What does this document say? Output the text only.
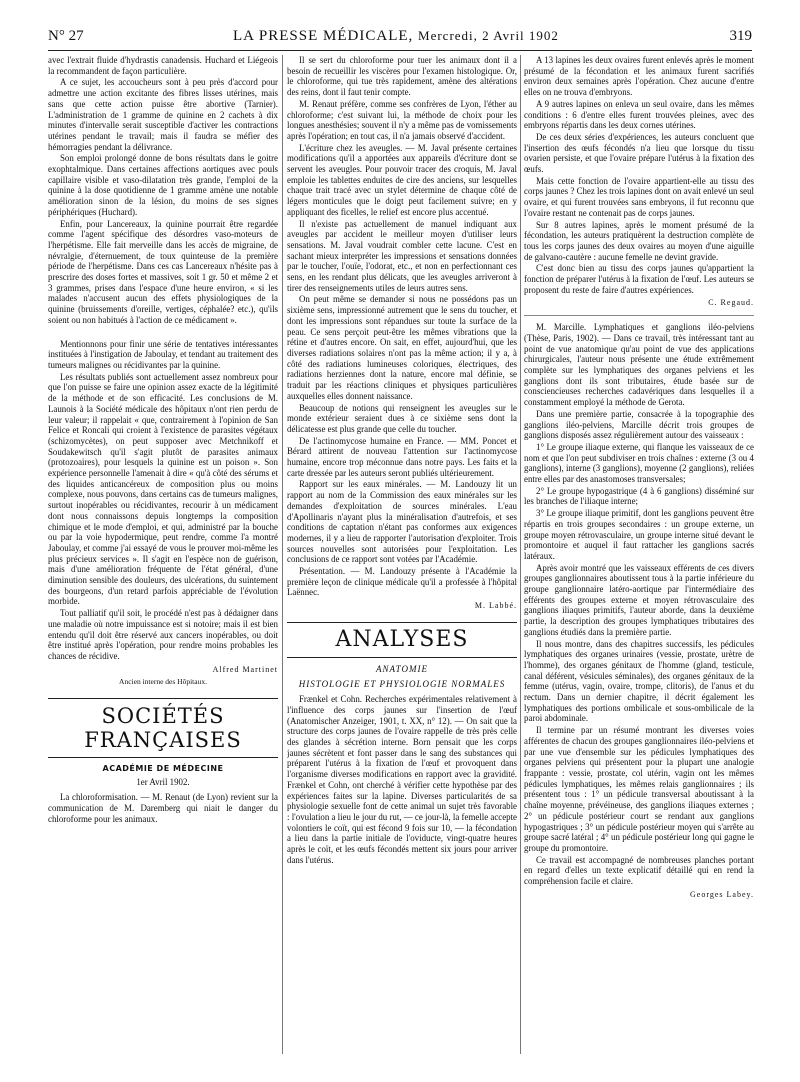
N° 27	LA PRESSE MÉDICALE, Mercredi, 2 Avril 1902	319

avec l'extrait fluide d'hydrastis canadensis. Huchard et Liégeois la recommandent de façon particulière.

A ce sujet, les accoucheurs sont à peu près d'accord pour admettre une action excitante des fibres lisses utérines, mais sans que cette action puisse être abortive (Tarnier). L'administration de 1 gramme de quinine en 2 cachets à dix minutes d'intervalle serait susceptible d'activer les contractions utérines pendant le travail; mais il faudra se méfier des hémorragies pendant la délivrance.

Son emploi prolongé donne de bons résultats dans le goitre exophtalmique. Dans certaines affections aortiques avec pouls capillaire visible et vaso-dilatation très grande, l'emploi de la quinine à la dose quotidienne de 1 gramme amène une notable amélioration sinon de la lésion, du moins de ses signes périphériques (Huchard).

Enfin, pour Lancereaux, la quinine pourrait être regardée comme l'agent spécifique des désordres vaso-moteurs de l'herpétisme. Elle fait merveille dans les accès de migraine, de névralgie, d'éternuement, de toux quinteuse de la première période de l'herpétisme. Dans ces cas Lancereaux n'hésite pas à prescrire des doses fortes et massives, soit 1 gr. 50 et même 2 et 3 grammes, prises dans l'espace d'une heure environ, « si les malades n'accusent aucun des effets physiologiques de la quinine (bruissements d'oreille, vertiges, céphalée? etc.), qu'ils soient ou non habitués à l'action de ce médicament ».

Mentionnons pour finir une série de tentatives intéressantes instituées à l'instigation de Jaboulay, et tendant au traitement des tumeurs malignes ou récidivantes par la quinine.

Les résultats publiés sont actuellement assez nombreux pour que l'on puisse se faire une opinion assez exacte de la légitimité de la méthode et de son efficacité. Les conclusions de M. Launois à la Société médicale des hôpitaux n'ont rien perdu de leur valeur; il rappelait « que, contrairement à l'opinion de San Felice et Roncali qui croient à l'existence de parasites végétaux (schizomycètes), on peut supposer avec Metchnikoff et Soudakewitsch qu'il s'agit plutôt de parasites animaux (protozoaires), pour lesquels la quinine est un poison ». Son expérience personnelle l'amenait à dire « qu'à côté des sérums et des liquides anticancéreux de composition plus ou moins complexe, nous pouvons, dans certains cas de tumeurs malignes, surtout inopérables ou récidivantes, recourir à un médicament dont nous connaissons depuis longtemps la composition chimique et le mode d'emploi, et qui, administré par la bouche ou par la voie hypodermique, peut rendre, comme l'a montré Jaboulay, et comme j'ai essayé de vous le prouver moi-même les plus précieux services ». Il s'agit en l'espèce non de guérison, mais d'une amélioration fréquente de l'état général, d'une diminution sensible des douleurs, des ulcérations, du suintement des bourgeons, d'un retard parfois appréciable de l'évolution morbide.

Tout palliatif qu'il soit, le procédé n'est pas à dédaigner dans une maladie où notre impuissance est si notoire; mais il est bien entendu qu'il doit être réservé aux cancers inopérables, ou doit être institué après l'opération, pour rendre moins probables les chances de récidive.

Alfred Martinet
Ancien interne des Hôpitaux.
SOCIÉTÉS FRANÇAISES
ACADÉMIE DE MÉDECINE
1er Avril 1902.

La chloroformisation. — M. Renaut (de Lyon) revient sur la communication de M. Daremberg qui niait le danger du chloroforme pour les animaux.

Il se sert du chloroforme pour tuer les animaux dont il a besoin de recueillir les viscères pour l'examen histologique. Or, le chloroforme, qui tue très rapidement, amène des altérations des reins, dont il faut tenir compte.

M. Renaut préfère, comme ses confrères de Lyon, l'éther au chloroforme; c'est suivant lui, la méthode de choix pour les longues anesthésies; souvent il n'y a même pas de vomissements après l'opération; en tout cas, il n'a jamais observé d'accident.

L'écriture chez les aveugles. — M. Javal présente certaines modifications qu'il a apportées aux appareils d'écriture dont se servent les aveugles. Pour pouvoir tracer des croquis, M. Javal emploie les tablettes enduites de cire des anciens, sur lesquelles chaque trait tracé avec un stylet détermine de chaque côté de légers monticules que le doigt peut facilement suivre; en y appliquant des ficelles, le relief est encore plus accentué.

Il n'existe pas actuellement de manuel indiquant aux aveugles par accident le meilleur moyen d'utiliser leurs sensations. M. Javal voudrait combler cette lacune. C'est en sachant mieux interpréter les impressions et sensations données par le toucher, l'ouïe, l'odorat, etc., et non en perfectionnant ces sens, en les rendant plus délicats, que les aveugles arriveront à tirer des renseignements utiles de leurs autres sens.

On peut même se demander si nous ne possédons pas un sixième sens, impressionné autrement que le sens du toucher, et dont les impressions sont répandues sur toute la surface de la peau. Ce sens perçoit peut-être les mêmes vibrations que la rétine et d'autres encore. On sait, en effet, aujourd'hui, que les diverses radiations solaires n'ont pas la même action; il y a, à côté des radiations lumineuses coloriques, électriques, des radiations herziennes dont la nature, encore mal définie, se traduit par les réactions cliniques et physiques particulières auxquelles elles donnent naissance.

Beaucoup de notions qui renseignent les aveugles sur le monde extérieur seraient dues à ce sixième sens dont la délicatesse est plus grande que celle du toucher.

De l'actinomycose humaine en France. — MM. Poncet et Bérard attirent de nouveau l'attention sur l'actinomycose humaine, encore trop méconnue dans notre pays. Les faits et la carte dressée par les auteurs seront publiés ultérieurement.

Rapport sur les eaux minérales. — M. Landouzy lit un rapport au nom de la Commission des eaux minérales sur les demandes d'exploitation de sources minérales. L'eau d'Apollinaris n'ayant plus la minéralisation d'autrefois, et ses conditions de captation n'étant pas conformes aux exigences modernes, il y a lieu de rapporter l'autorisation d'exploiter. Trois sources nouvelles sont autorisées pour l'exploitation. Les conclusions de ce rapport sont votées par l'Académie.

Présentation. — M. Landouzy présente à l'Académie la première leçon de clinique médicale qu'il a professée à l'hôpital Laënnec.

M. Labbé.
ANALYSES
ANATOMIE
HISTOLOGIE ET PHYSIOLOGIE NORMALES

Frænkel et Cohn. Recherches expérimentales relativement à l'influence des corps jaunes sur l'insertion de l'œuf (Anatomischer Anzeiger, 1901, t. XX, n° 12). — On sait que la structure des corps jaunes de l'ovaire rappelle de très près celle des glandes à sécrétion interne. Born pensait que les corps jaunes sécrètent et font passer dans le sang des substances qui préparent l'utérus à la fixation de l'œuf et provoquent dans l'organisme diverses modifications en rapport avec la gravidité. Frænkel et Cohn, ont cherché à vérifier cette hypothèse par des expériences faites sur la lapine. Diverses particularités de sa physiologie sexuelle font de cette animal un sujet très favorable : l'ovulation a lieu le jour du rut, — ce jour-là, la femelle accepte volontiers le coït, qui est fécond 9 fois sur 10, — la fécondation a lieu dans la partie initiale de l'oviducte, vingt-quatre heures après le coït, et les œufs fécondés mettent six jours pour arriver dans l'utérus.

A 13 lapines les deux ovaires furent enlevés après le moment présumé de la fécondation et les animaux furent sacrifiés environ deux semaines après l'opération. Chez aucune d'entre elles on ne trouva d'embryons.

A 9 autres lapines on enleva un seul ovaire, dans les mêmes conditions : 6 d'entre elles furent trouvées pleines, avec des embryons répartis dans les deux cornes utérines.

De ces deux séries d'expériences, les auteurs concluent que l'insertion des œufs fécondés n'a lieu que lorsque du tissu ovarien persiste, et que l'ovaire prépare l'utérus à la fixation des œufs.

Mais cette fonction de l'ovaire appartient-elle au tissu des corps jaunes ? Chez les trois lapines dont on avait enlevé un seul ovaire, et qui furent trouvées sans embryons, il fut reconnu que l'ovaire restant ne contenait pas de corps jaunes.

Sur 8 autres lapines, après le moment présumé de la fécondation, les auteurs pratiquèrent la destruction complète de tous les corps jaunes des deux ovaires au moyen d'une aiguille de galvano-cautère : aucune femelle ne devint gravide.

C'est donc bien au tissu des corps jaunes qu'appartient la fonction de préparer l'utérus à la fixation de l'œuf. Les auteurs se proposent du reste de faire d'autres expériences.

C. Regaud.

M. Marcille. Lymphatiques et ganglions iléo-pelviens (Thèse, Paris, 1902). — Dans ce travail, très intéressant tant au point de vue anatomique qu'au point de vue des applications chirurgicales, l'auteur nous présente une étude extrêmement complète sur les lymphatiques des organes pelviens et les ganglions dont ils sont tributaires, étude basée sur de consciencieuses recherches cadavériques dans lesquelles il a constamment employé la méthode de Gerota.

Dans une première partie, consacrée à la topographie des ganglions iléo-pelviens, Marcille décrit trois groupes de ganglions disposés assez régulièrement autour des vaisseaux :

1° Le groupe iliaque externe, qui flanque les vaisseaux de ce nom et que l'on peut subdiviser en trois chaînes : externe (3 ou 4 ganglions), interne (3 ganglions), moyenne (2 ganglions), reliées entre elles par des anastomoses transversales;

2° Le groupe hypogastrique (4 à 6 ganglions) disséminé sur les branches de l'iliaque interne;

3° Le groupe iliaque primitif, dont les ganglions peuvent être répartis en trois groupes secondaires : un groupe externe, un groupe moyen rétrovasculaire, un groupe interne situé devant le promontoire et auquel il faut rattacher les ganglions sacrés latéraux.

Après avoir montré que les vaisseaux efférents de ces divers groupes ganglionnaires aboutissent tous à la partie inférieure du groupe ganglionnaire latéro-aortique par l'intermédiaire des efférents des groupes externe et moyen rétrovasculaire des ganglions iliaques primitifs, l'auteur aborde, dans la deuxième partie, la description des groupes lymphatiques tributaires des ganglions étudiés dans la première partie.

Il nous montre, dans des chapitres successifs, les pédicules lymphatiques des organes urinaires (vessie, prostate, urètre de l'homme), des organes génitaux de l'homme (gland, testicule, canal déférent, vésicules séminales), des organes génitaux de la femme (utérus, vagin, ovaire, trompe, clitoris), de l'anus et du rectum. Dans un dernier chapitre, il décrit également les lymphatiques des portions ombilicale et sous-ombilicale de la paroi abdominale.

Il termine par un résumé montrant les diverses voies afférentes de chacun des groupes ganglionnaires iléo-pelviens et par une vue d'ensemble sur les pédicules lymphatiques des organes pelviens qui présentent pour la plupart une analogie frappante : vessie, prostate, col utérin, vagin ont les mêmes pédicules lymphatiques, les mêmes relais ganglionnaires ; ils présentent tous : 1° un pédicule transversal aboutissant à la chaîne moyenne, prévéineuse, des ganglions iliaques externes ; 2° un pédicule postérieur court se rendant aux ganglions hypogastriques ; 3° un pédicule postérieur moyen qui s'arrête au groupe sacré latéral ; 4° un pédicule postérieur long qui gagne le groupe du promontoire.

Ce travail est accompagné de nombreuses planches portant en regard d'elles un texte explicatif détaillé qui en rend la compréhension facile et claire.

Georges Labey.
